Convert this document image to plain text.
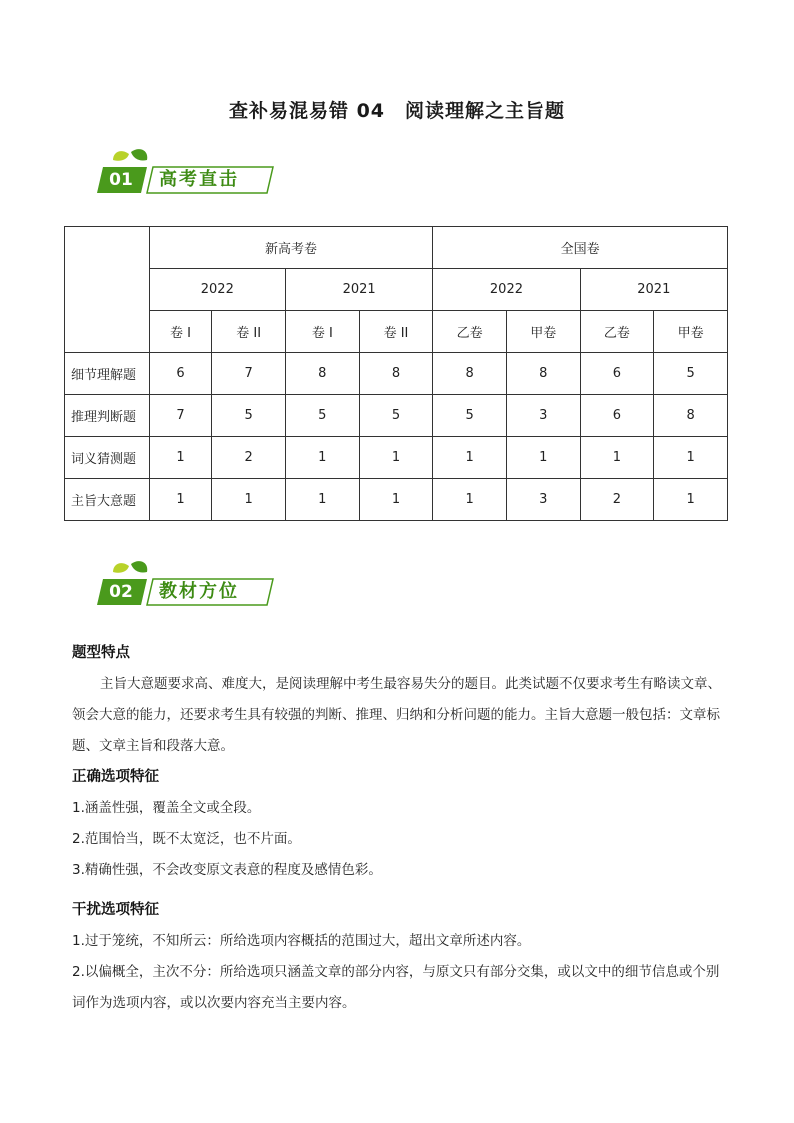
查补易混易错 04　阅读理解之主旨题
01	高考直击
	新高考卷				全国卷			
	2022		2021		2022		2021	
	卷 I	卷 II	卷 I	卷 II	乙卷	甲卷	乙卷	甲卷
细节理解题	6	7	8	8	8	8	6	5
推理判断题	7	5	5	5	5	3	6	8
词义猜测题	1	2	1	1	1	1	1	1
主旨大意题	1	1	1	1	1	3	2	1
02	教材方位
题型特点
主旨大意题要求高、难度大，是阅读理解中考生最容易失分的题目。此类试题不仅要求考生有略读文章、领会大意的能力，还要求考生具有较强的判断、推理、归纳和分析问题的能力。主旨大意题一般包括：文章标题、文章主旨和段落大意。
正确选项特征
1.涵盖性强，覆盖全文或全段。
2.范围恰当，既不太宽泛，也不片面。
3.精确性强，不会改变原文表意的程度及感情色彩。
干扰选项特征
1.过于笼统，不知所云：所给选项内容概括的范围过大，超出文章所述内容。
2.以偏概全，主次不分：所给选项只涵盖文章的部分内容，与原文只有部分交集，或以文中的细节信息或个别词作为选项内容，或以次要内容充当主要内容。
